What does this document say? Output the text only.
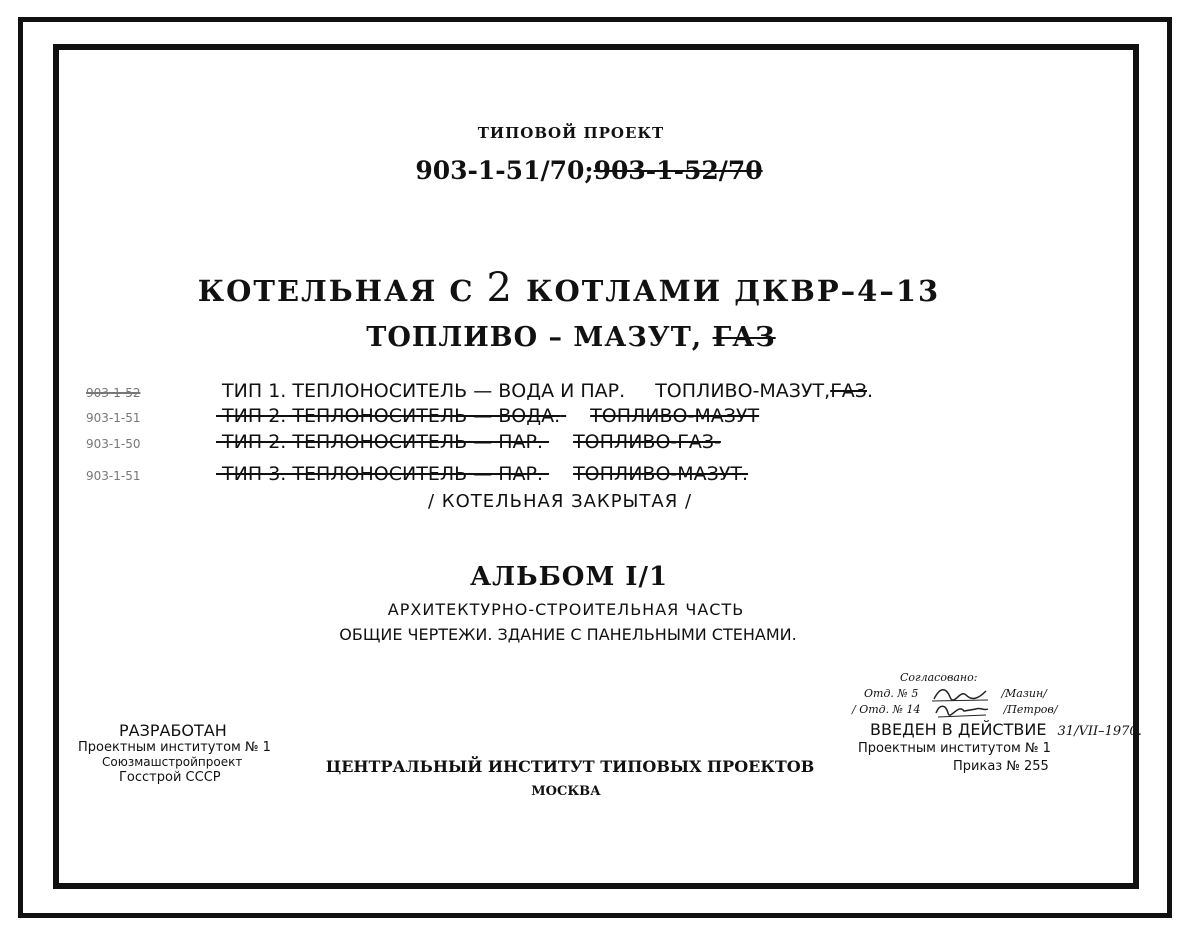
ТИПОВОЙ ПРОЕКТ
903-1-51/70;903-1-52/70
КОТЕЛЬНАЯ С 2 КОТЛАМИ ДКВР–4–13
ТОПЛИВО – МАЗУТ, ГАЗ
903-1-52	ТИП 1. ТЕПЛОНОСИТЕЛЬ — ВОДА И ПАР. ТОПЛИВО-МАЗУТ,ГАЗ.
903-1-51	ТИП 2. ТЕПЛОНОСИТЕЛЬ — ВОДА. ТОПЛИВО-МАЗУТ
903-1-50	ТИП 2. ТЕПЛОНОСИТЕЛЬ — ПАР. ТОПЛИВО-ГАЗ-
903-1-51	ТИП 3. ТЕПЛОНОСИТЕЛЬ — ПАР. ТОПЛИВО-МАЗУТ.
/ КОТЕЛЬНАЯ ЗАКРЫТАЯ /
АЛЬБОМ I/1
АРХИТЕКТУРНО-СТРОИТЕЛЬНАЯ ЧАСТЬ
ОБЩИЕ ЧЕРТЕЖИ. ЗДАНИЕ С ПАНЕЛЬНЫМИ СТЕНАМИ.
Согласовано:
Отд. № 5	/Мазин/
/ Отд. № 14	/Петров/
РАЗРАБОТАН
Проектным институтом № 1
Союзмашстройпроект
Госстрой СССР
ЦЕНТРАЛЬНЫЙ ИНСТИТУТ ТИПОВЫХ ПРОЕКТОВ
МОСКВА
ВВЕДЕН В ДЕЙСТВИЕ 31/VII–1970.
Проектным институтом № 1
Приказ № 255
